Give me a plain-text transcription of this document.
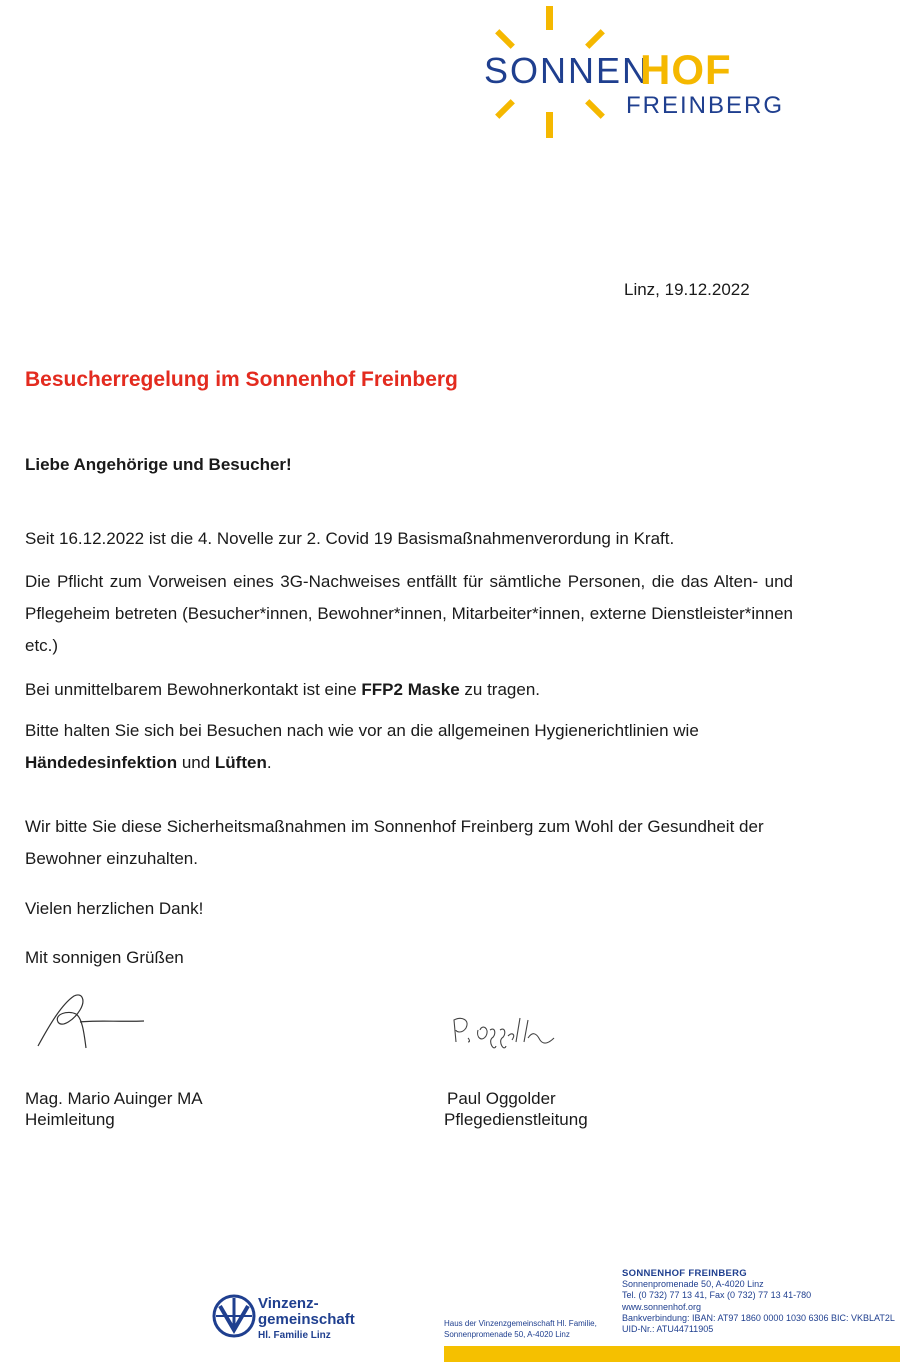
SONNEN
HOF
FREINBERG
Linz, 19.12.2022
Besucherregelung im Sonnenhof Freinberg
Liebe Angehörige und Besucher!
Seit 16.12.2022 ist die 4. Novelle zur 2. Covid 19 Basismaßnahmenverordung in Kraft.
Die Pflicht zum Vorweisen eines 3G-Nachweises entfällt für sämtliche Personen, die das Alten- und Pflegeheim betreten (Besucher*innen, Bewohner*innen, Mitarbeiter*innen, externe Dienstleister*innen etc.)
Bei unmittelbarem Bewohnerkontakt ist eine FFP2 Maske zu tragen.
Bitte halten Sie sich bei Besuchen nach wie vor an die allgemeinen Hygienerichtlinien wie Händedesinfektion und Lüften.
Wir bitte Sie diese Sicherheitsmaßnahmen im Sonnenhof Freinberg zum Wohl der Gesundheit der Bewohner einzuhalten.
Vielen herzlichen Dank!
Mit sonnigen Grüßen
Mag. Mario Auinger MA
Heimleitung
Paul Oggolder
Pflegedienstleitung
Vinzenz-
gemeinschaft
Hl. Familie Linz
Haus der Vinzenzgemeinschaft Hl. Familie,
Sonnenpromenade 50, A-4020 Linz
SONNENHOF FREINBERG
Sonnenpromenade 50, A-4020 Linz
Tel. (0 732) 77 13 41, Fax (0 732) 77 13 41-780
www.sonnenhof.org
Bankverbindung: IBAN: AT97 1860 0000 1030 6306 BIC: VKBLAT2L
UID-Nr.: ATU44711905
